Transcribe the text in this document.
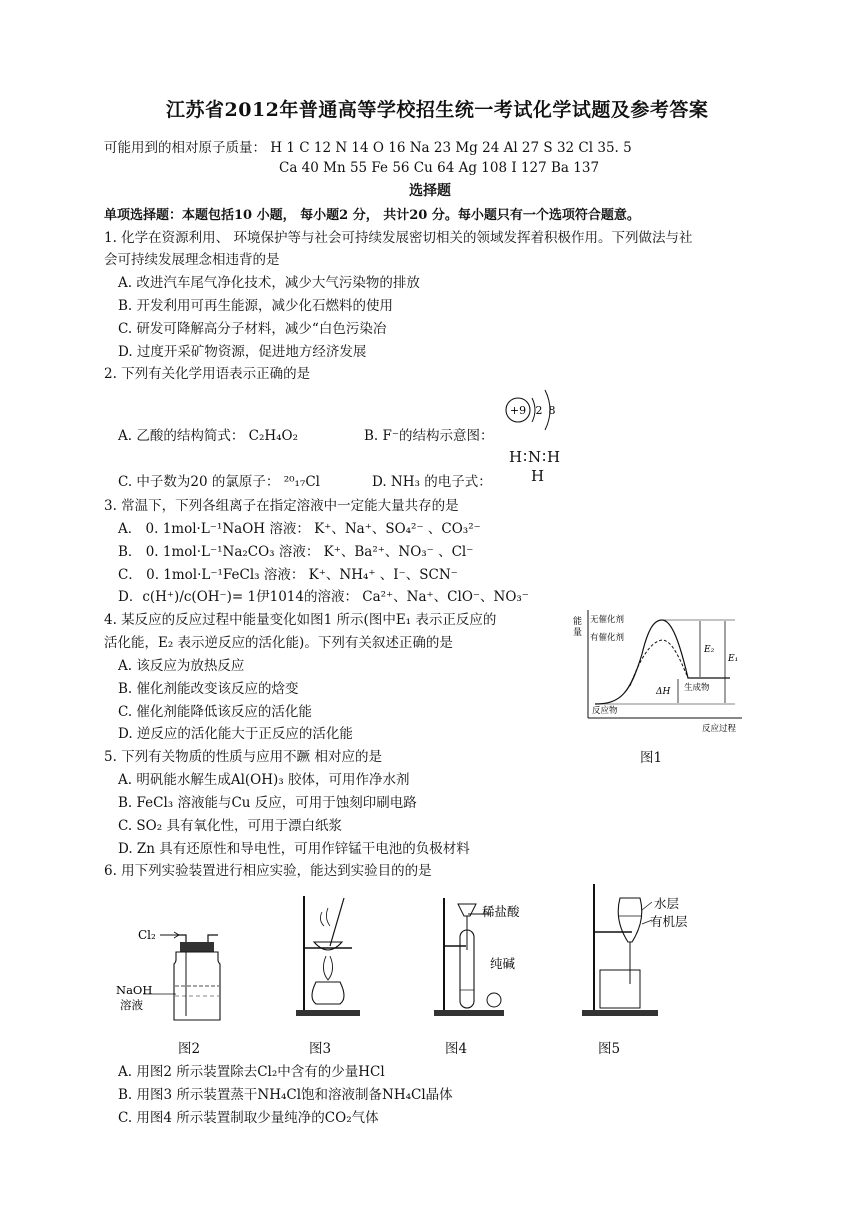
江苏省2012年普通高等学校招生统一考试化学试题及参考答案
可能用到的相对原子质量： H 1 C 12 N 14 O 16 Na 23 Mg 24 Al 27 S 32 Cl 35. 5
Ca 40 Mn 55 Fe 56 Cu 64 Ag 108 I 127 Ba 137
选择题
单项选择题：本题包括10 小题， 每小题2 分， 共计20 分。每小题只有一个选项符合题意。
1. 化学在资源利用、 环境保护等与社会可持续发展密切相关的领域发挥着积极作用。下列做法与社
会可持续发展理念相违背的是
A. 改进汽车尾气净化技术，减少大气污染物的排放
B. 开发利用可再生能源，减少化石燃料的使用
C. 研发可降解高分子材料，减少“白色污染冶
D. 过度开采矿物资源，促进地方经济发展
2. 下列有关化学用语表示正确的是
A. 乙酸的结构简式： C₂H₄O₂	B. F⁻的结构示意图：
+9 2 8
C. 中子数为20 的氯原子： ²⁰₁₇Cl	D. NH₃ 的电子式：
H∶N∶H
H
3. 常温下，下列各组离子在指定溶液中一定能大量共存的是
A． 0. 1mol·L⁻¹NaOH 溶液： K⁺、Na⁺、SO₄²⁻ 、CO₃²⁻
B． 0. 1mol·L⁻¹Na₂CO₃ 溶液： K⁺、Ba²⁺、NO₃⁻ 、Cl⁻
C． 0. 1mol·L⁻¹FeCl₃ 溶液： K⁺、NH₄⁺ 、I⁻、SCN⁻
D．c(H⁺)/c(OH⁻)= 1伊1014的溶液： Ca²⁺、Na⁺、ClO⁻、NO₃⁻
4. 某反应的反应过程中能量变化如图1 所示(图中E₁ 表示正反应的
活化能，E₂ 表示逆反应的活化能)。下列有关叙述正确的是
A. 该反应为放热反应
B. 催化剂能改变该反应的焓变
C. 催化剂能降低该反应的活化能
D. 逆反应的活化能大于正反应的活化能
能
量
无催化剂
有催化剂
E₂
E₁
ΔH 生成物
反应物
反应过程
图1
5. 下列有关物质的性质与应用不蹶 相对应的是
A. 明矾能水解生成Al(OH)₃ 胶体，可用作净水剂
B. FeCl₃ 溶液能与Cu 反应，可用于蚀刻印刷电路
C. SO₂ 具有氧化性，可用于漂白纸浆
D. Zn 具有还原性和导电性，可用作锌锰干电池的负极材料
6. 用下列实验装置进行相应实验，能达到实验目的的是
Cl₂
NaOH
溶液
图2	图3
稀盐酸
纯碱
图4
水层
有机层
图5
A. 用图2 所示装置除去Cl₂中含有的少量HCl
B. 用图3 所示装置蒸干NH₄Cl饱和溶液制备NH₄Cl晶体
C. 用图4 所示装置制取少量纯净的CO₂气体
